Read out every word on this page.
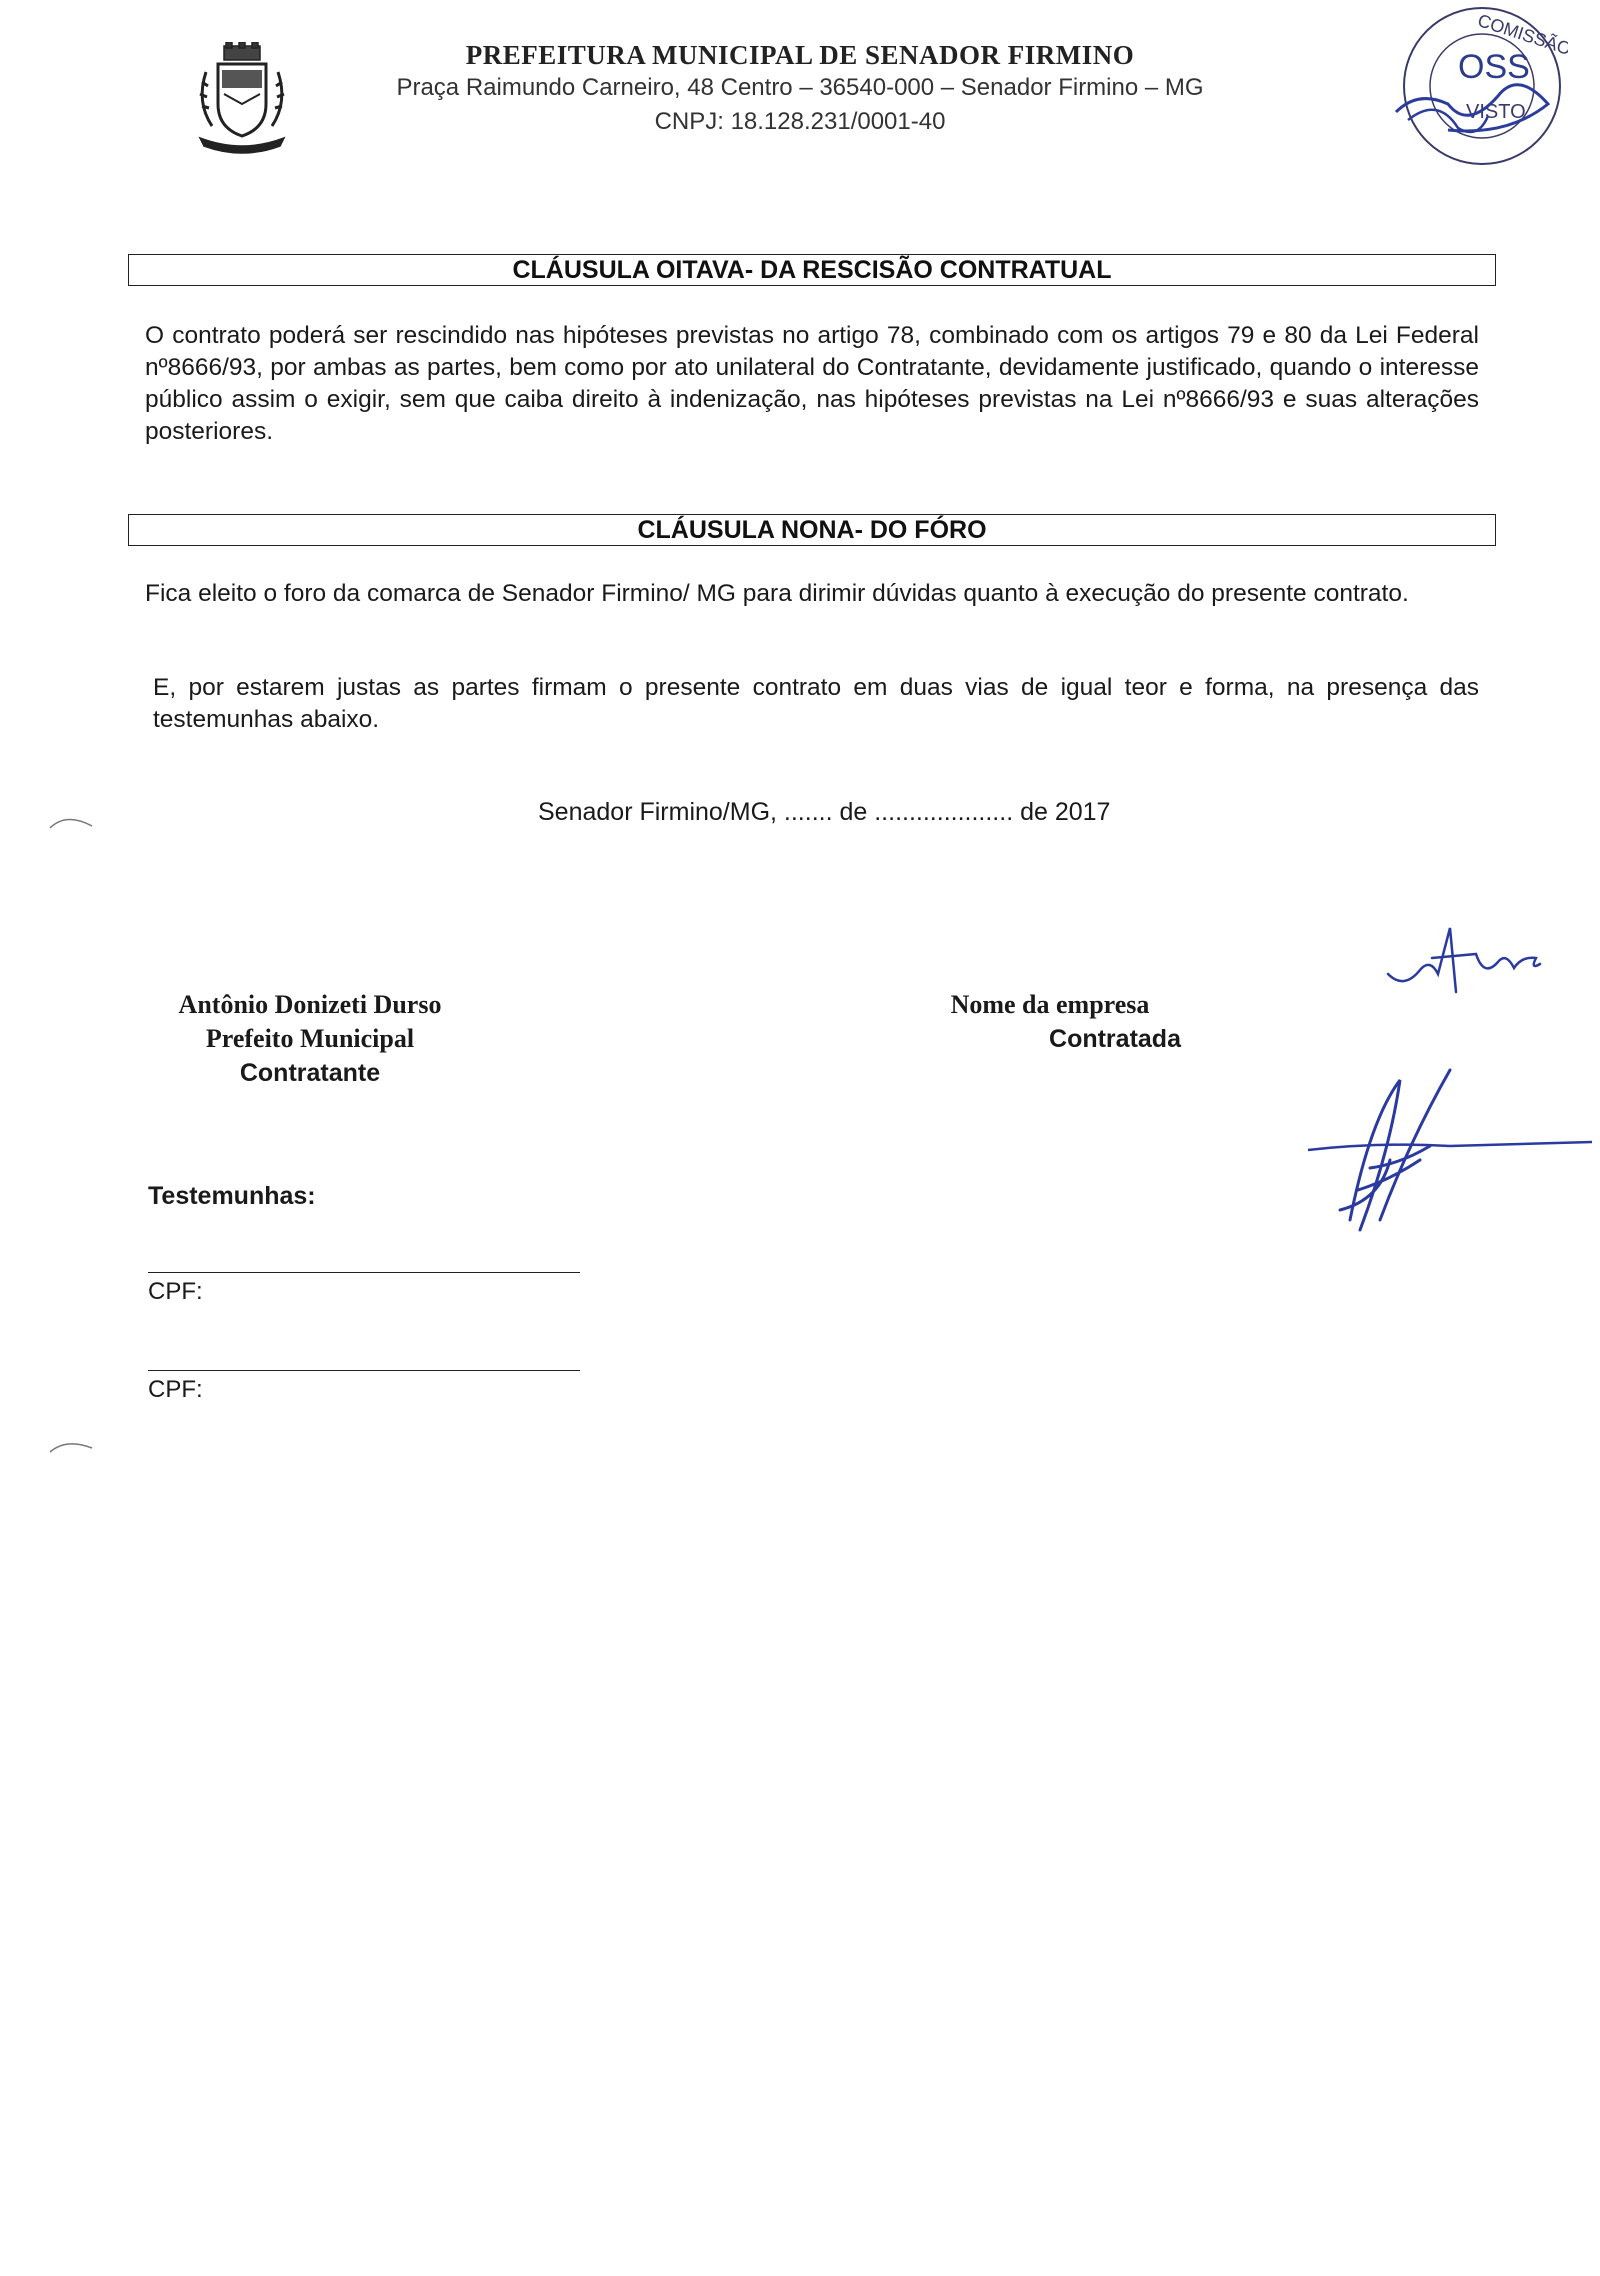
PREFEITURA MUNICIPAL DE SENADOR FIRMINO
Praça Raimundo Carneiro, 48 Centro – 36540-000 – Senador Firmino – MG
CNPJ: 18.128.231/0001-40
COMISSÃO
OSS
VISTO
CLÁUSULA OITAVA- DA RESCISÃO CONTRATUAL

O contrato poderá ser rescindido nas hipóteses previstas no artigo 78, combinado com os artigos 79 e 80 da Lei Federal nº8666/93, por ambas as partes, bem como por ato unilateral do Contratante, devidamente justificado, quando o interesse público assim o exigir, sem que caiba direito à indenização, nas hipóteses previstas na Lei nº8666/93 e suas alterações posteriores.

CLÁUSULA NONA- DO FÓRO

Fica eleito o foro da comarca de Senador Firmino/ MG para dirimir dúvidas quanto à execução do presente contrato.

E, por estarem justas as partes firmam o presente contrato em duas vias de igual teor e forma, na presença das testemunhas abaixo.

Senador Firmino/MG, ....... de .................... de 2017
Antônio Donizeti Durso
Prefeito Municipal
Contratante
Nome da empresa
Contratada
Testemunhas:
CPF:
CPF:
